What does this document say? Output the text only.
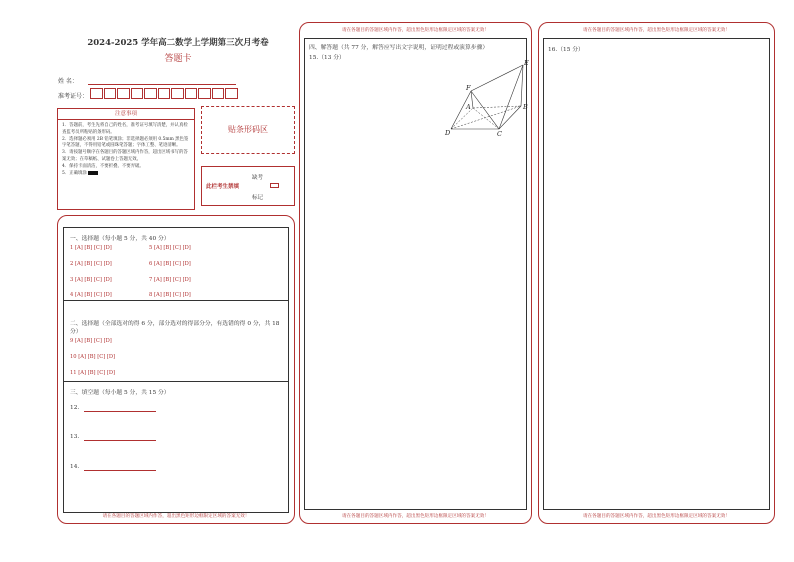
2024-2025 学年高二数学上学期第三次月考卷
答题卡
姓 名：
准考证号：
注意事项
1．答题前，考生先将自己的姓名，准考证号填写清楚，并认真检查监考员所粘贴的条形码。
2．选择题必须用 2B 铅笔填涂；非选择题必须用 0.5mm 黑色签字笔答题，不得用铅笔或圆珠笔答题；字体工整、笔迹清晰。
3．请按题号顺序在各题目的答题区域内作答，超出区域书写的答案无效；在草稿纸、试题卷上答题无效。
4．保持卡面清洁，不要折叠、不要弄破。
5．正确填涂
贴条形码区
缺考
此栏考生禁填
标记
一、选择题（每小题 5 分，共 40 分）
1 [A] [B] [C] [D]	5 [A] [B] [C] [D]
2 [A] [B] [C] [D]	6 [A] [B] [C] [D]
3 [A] [B] [C] [D]	7 [A] [B] [C] [D]
4 [A] [B] [C] [D]	8 [A] [B] [C] [D]
二、选择题（全部选对的得 6 分，部分选对的得部分分，有选错的得 0 分，共 18 分）
9 [A] [B] [C] [D]
10 [A] [B] [C] [D]
11 [A] [B] [C] [D]
三、填空题（每小题 5 分，共 15 分）
12.
13.
14.
请在各题目的答题区域内作答，超出黑色矩形边框限定区域的答案无效！
请在各题目的答题区域内作答，超出黑色矩形边框限定区域的答案无效！
四、解答题（共 77 分，解答应写出文字说明，证明过程或演算步骤）
15.（13 分）
E
F
A	B
D	C
请在各题目的答题区域内作答，超出黑色矩形边框限定区域的答案无效！
请在各题目的答题区域内作答，超出黑色矩形边框限定区域的答案无效！
16.（15 分）
请在各题目的答题区域内作答，超出黑色矩形边框限定区域的答案无效！
